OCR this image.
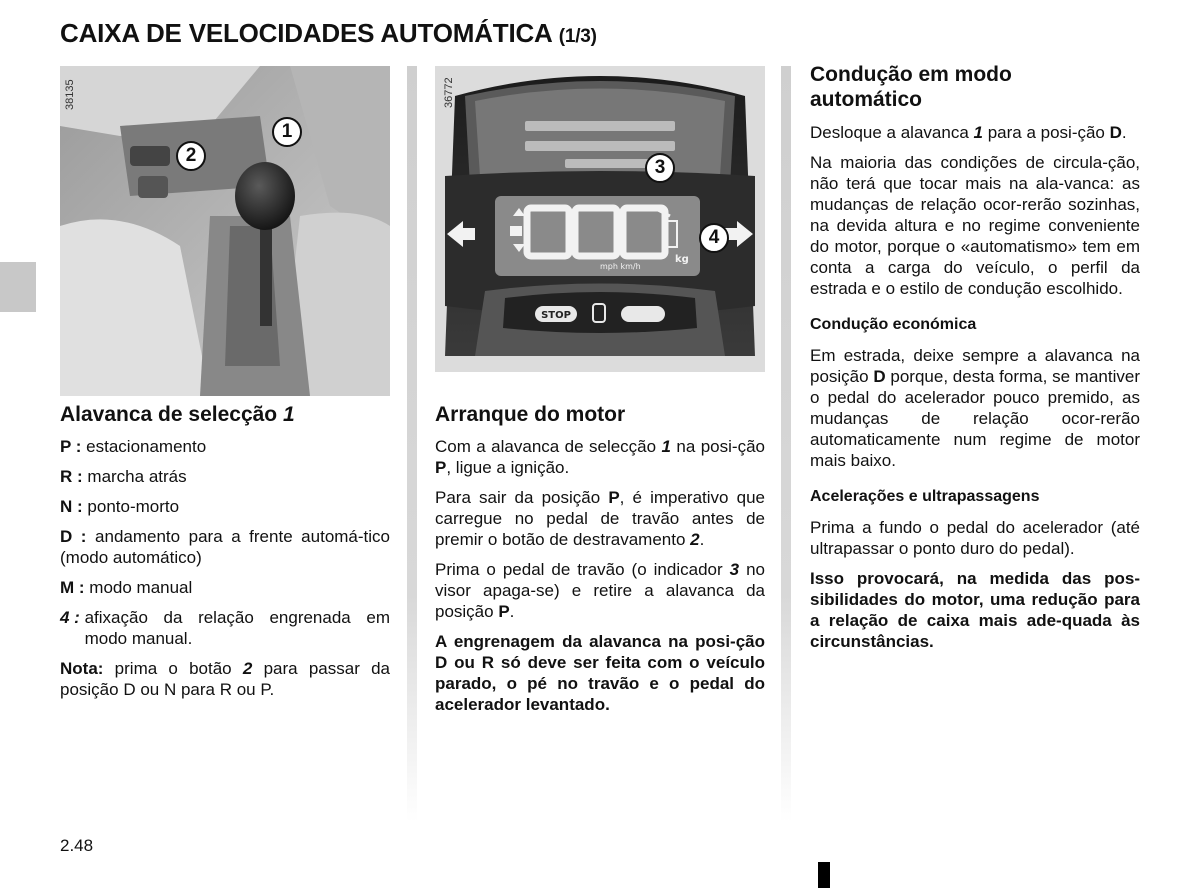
CAIXA DE VELOCIDADES AUTOMÁTICA (1/3)
38135
1
2
mph km/h
kg
STOP
36772
3
4
Alavanca de selecção 1

P :
estacionamento

R :
marcha atrás

N :
ponto-morto

D : andamento para a frente automá-tico (modo automático)

M :
modo manual

4 :
afixação da relação engrenada em modo manual.

Nota: prima o botão 2 para passar da posição D ou N para R ou P.

Arranque do motor

Com a alavanca de selecção 1 na posi-ção P, ligue a ignição.

Para sair da posição P, é imperativo que carregue no pedal de travão antes de premir o botão de destravamento 2.

Prima o pedal de travão (o indicador 3 no visor apaga-se) e retire a alavanca da posição P.

A engrenagem da alavanca na posi-ção D ou R só deve ser feita com o veículo parado, o pé no travão e o pedal do acelerador levantado.

Condução em modo automático

Desloque a alavanca 1 para a posi-ção D.

Na maioria das condições de circula-ção, não terá que tocar mais na ala-vanca: as mudanças de relação ocor-rerão sozinhas, na devida altura e no regime conveniente do motor, porque o «automatismo» tem em conta a carga do veículo, o perfil da estrada e o estilo de condução escolhido.

Condução económica

Em estrada, deixe sempre a alavanca na posição D porque, desta forma, se mantiver o pedal do acelerador pouco premido, as mudanças de relação ocor-rerão automaticamente num regime de motor mais baixo.

Acelerações e ultrapassagens

Prima a fundo o pedal do acelerador (até ultrapassar o ponto duro do pedal).

Isso provocará, na medida das pos-sibilidades do motor, uma redução para a relação de caixa mais ade-quada às circunstâncias.

2.48
